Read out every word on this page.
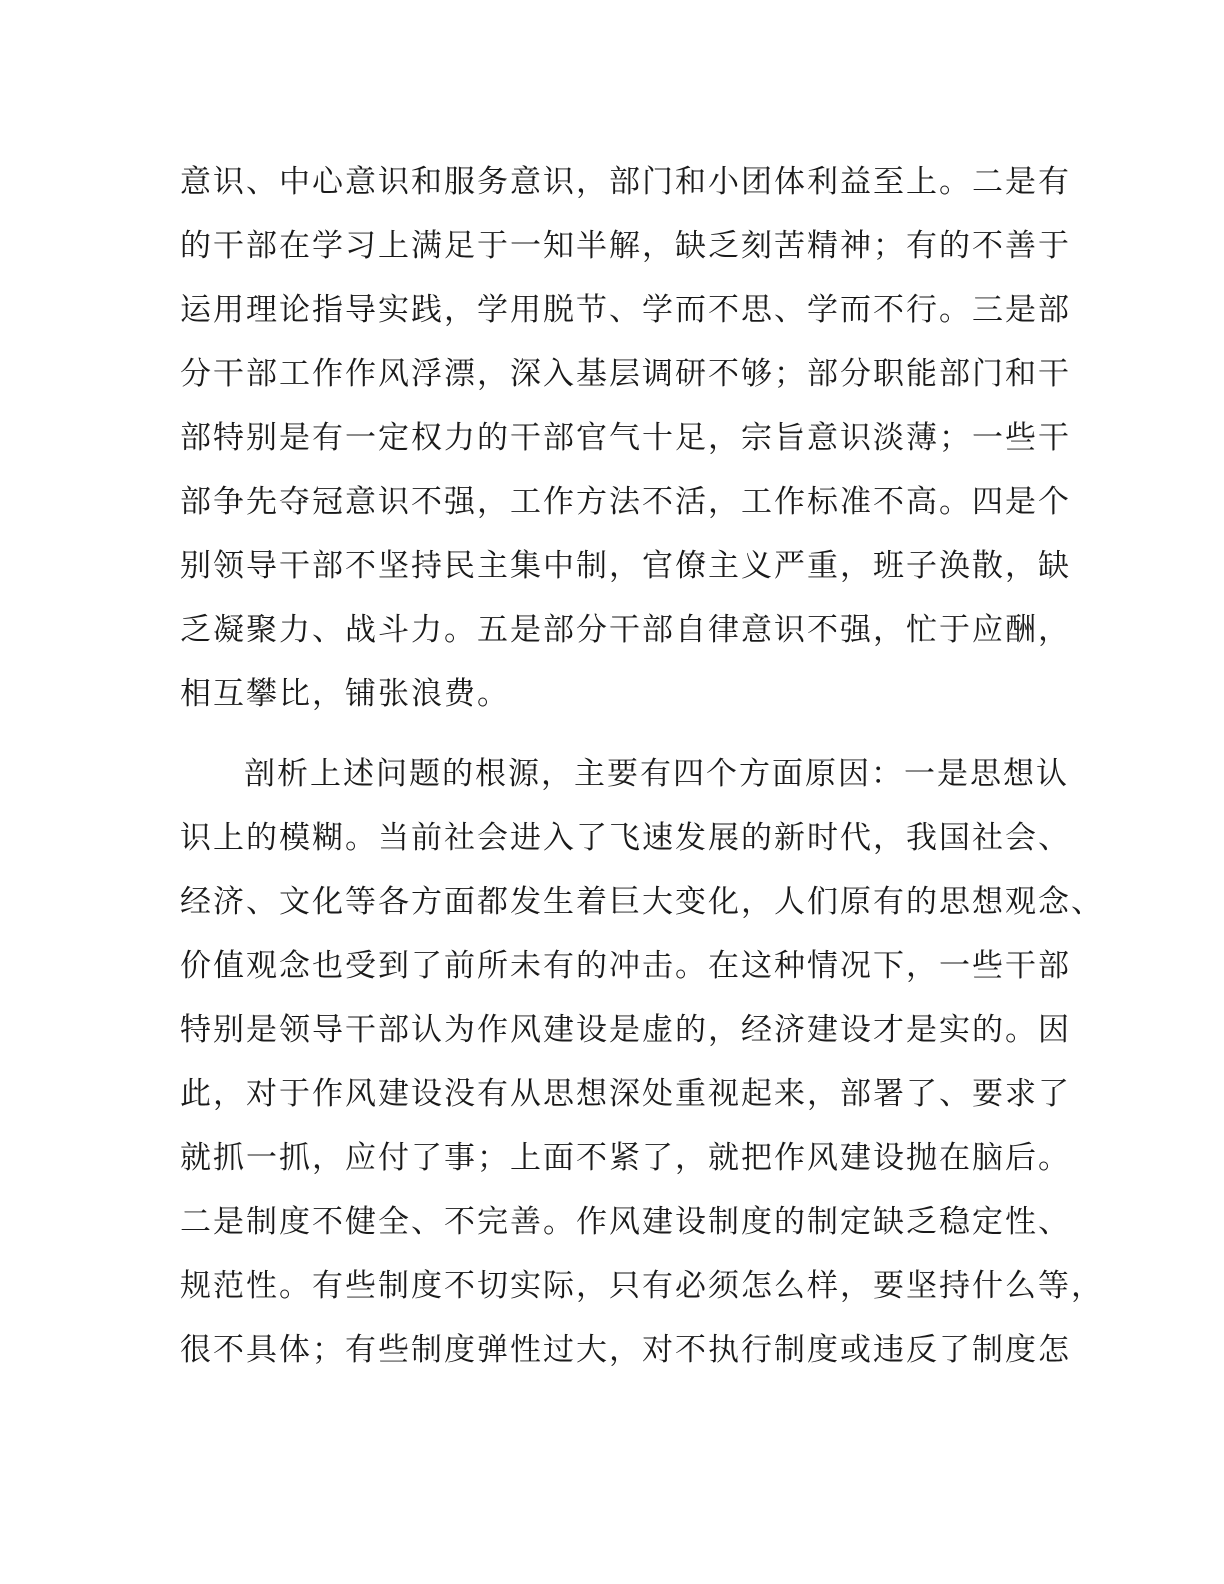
意识、中心意识和服务意识，部门和小团体利益至上。二是有
的干部在学习上满足于一知半解，缺乏刻苦精神；有的不善于
运用理论指导实践，学用脱节、学而不思、学而不行。三是部
分干部工作作风浮漂，深入基层调研不够；部分职能部门和干
部特别是有一定权力的干部官气十足，宗旨意识淡薄；一些干
部争先夺冠意识不强，工作方法不活，工作标准不高。四是个
别领导干部不坚持民主集中制，官僚主义严重，班子涣散，缺
乏凝聚力、战斗力。五是部分干部自律意识不强，忙于应酬，
相互攀比，铺张浪费。
剖析上述问题的根源，主要有四个方面原因：一是思想认
识上的模糊。当前社会进入了飞速发展的新时代，我国社会、
经济、文化等各方面都发生着巨大变化，人们原有的思想观念、
价值观念也受到了前所未有的冲击。在这种情况下，一些干部
特别是领导干部认为作风建设是虚的，经济建设才是实的。因
此，对于作风建设没有从思想深处重视起来，部署了、要求了
就抓一抓，应付了事；上面不紧了，就把作风建设抛在脑后。
二是制度不健全、不完善。作风建设制度的制定缺乏稳定性、
规范性。有些制度不切实际，只有必须怎么样，要坚持什么等，
很不具体；有些制度弹性过大，对不执行制度或违反了制度怎
